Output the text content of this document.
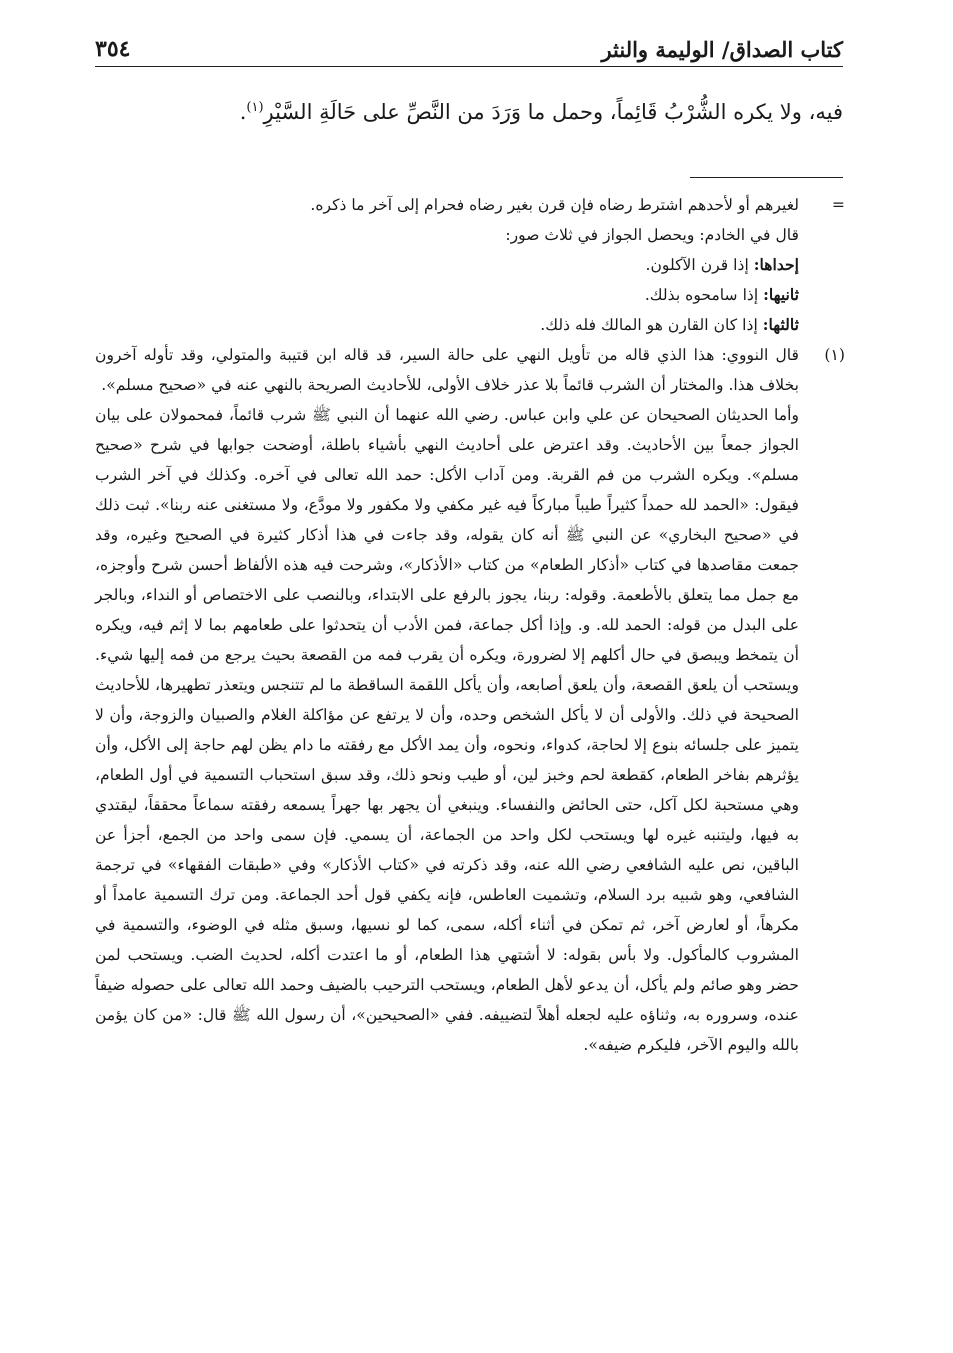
كتاب الصداق/ الوليمة والنثر
٣٥٤
فيه، ولا يكره الشُّرْبُ قَائِماً، وحمل ما وَرَدَ من النَّصِّ على حَالَةِ السَّيْرِ$^{(١)}$.
=
لغيرهم أو لأحدهم اشترط رضاه فإن قرن بغير رضاه فحرام إلى آخر ما ذكره.
قال في الخادم: ويحصل الجواز في ثلاث صور:
إحداها: إذا قرن الآكلون.
ثانيها: إذا سامحوه بذلك.
ثالثها: إذا كان القارن هو المالك فله ذلك.
(١)

قال النووي: هذا الذي قاله من تأويل النهي على حالة السير، قد قاله ابن قتيبة والمتولي، وقد تأوله آخرون بخلاف هذا. والمختار أن الشرب قائماً بلا عذر خلاف الأولى، للأحاديث الصريحة بالنهي عنه في «صحيح مسلم».

وأما الحديثان الصحيحان عن علي وابن عباس. رضي الله عنهما أن النبي ﷺ شرب قائماً، فمحمولان على بيان الجواز جمعاً بين الأحاديث. وقد اعترض على أحاديث النهي بأشياء باطلة، أوضحت جوابها في شرح «صحيح مسلم». ويكره الشرب من فم القربة. ومن آداب الأكل: حمد الله تعالى في آخره. وكذلك في آخر الشرب فيقول: «الحمد لله حمداً كثيراً طيباً مباركاً فيه غير مكفي ولا مكفور ولا مودَّع، ولا مستغنى عنه ربنا». ثبت ذلك في «صحيح البخاري» عن النبي ﷺ أنه كان يقوله، وقد جاءت في هذا أذكار كثيرة في الصحيح وغيره، وقد جمعت مقاصدها في كتاب «أذكار الطعام» من كتاب «الأذكار»، وشرحت فيه هذه الألفاظ أحسن شرح وأوجزه، مع جمل مما يتعلق بالأطعمة. وقوله: ربنا، يجوز بالرفع على الابتداء، وبالنصب على الاختصاص أو النداء، وبالجر على البدل من قوله: الحمد لله. و. وإذا أكل جماعة، فمن الأدب أن يتحدثوا على طعامهم بما لا إثم فيه، ويكره أن يتمخط ويبصق في حال أكلهم إلا لضرورة، ويكره أن يقرب فمه من القصعة بحيث يرجع من فمه إليها شيء. ويستحب أن يلعق القصعة، وأن يلعق أصابعه، وأن يأكل اللقمة الساقطة ما لم تتنجس ويتعذر تطهيرها، للأحاديث الصحيحة في ذلك. والأولى أن لا يأكل الشخص وحده، وأن لا يرتفع عن مؤاكلة الغلام والصبيان والزوجة، وأن لا يتميز على جلسائه بنوع إلا لحاجة، كدواء، ونحوه، وأن يمد الأكل مع رفقته ما دام يظن لهم حاجة إلى الأكل، وأن يؤثرهم بفاخر الطعام، كقطعة لحم وخبز لين، أو طيب ونحو ذلك، وقد سبق استحباب التسمية في أول الطعام، وهي مستحبة لكل آكل، حتى الحائض والنفساء. وينبغي أن يجهر بها جهراً يسمعه رفقته سماعاً محققاً، ليقتدي به فيها، وليتنبه غيره لها ويستحب لكل واحد من الجماعة، أن يسمي. فإن سمى واحد من الجمع، أجزأ عن الباقين، نص عليه الشافعي رضي الله عنه، وقد ذكرته في «كتاب الأذكار» وفي «طبقات الفقهاء» في ترجمة الشافعي، وهو شبيه برد السلام، وتشميت العاطس، فإنه يكفي قول أحد الجماعة. ومن ترك التسمية عامداً أو مكرهاً، أو لعارض آخر، ثم تمكن في أثناء أكله، سمى، كما لو نسيها، وسبق مثله في الوضوء، والتسمية في المشروب كالمأكول. ولا بأس بقوله: لا أشتهي هذا الطعام، أو ما اعتدت أكله، لحديث الضب. ويستحب لمن حضر وهو صائم ولم يأكل، أن يدعو لأهل الطعام، ويستحب الترحيب بالضيف وحمد الله تعالى على حصوله ضيفاً عنده، وسروره به، وثناؤه عليه لجعله أهلاً لتضييفه. ففي «الصحيحين»، أن رسول الله ﷺ قال: «من كان يؤمن بالله واليوم الآخر، فليكرم ضيفه».
